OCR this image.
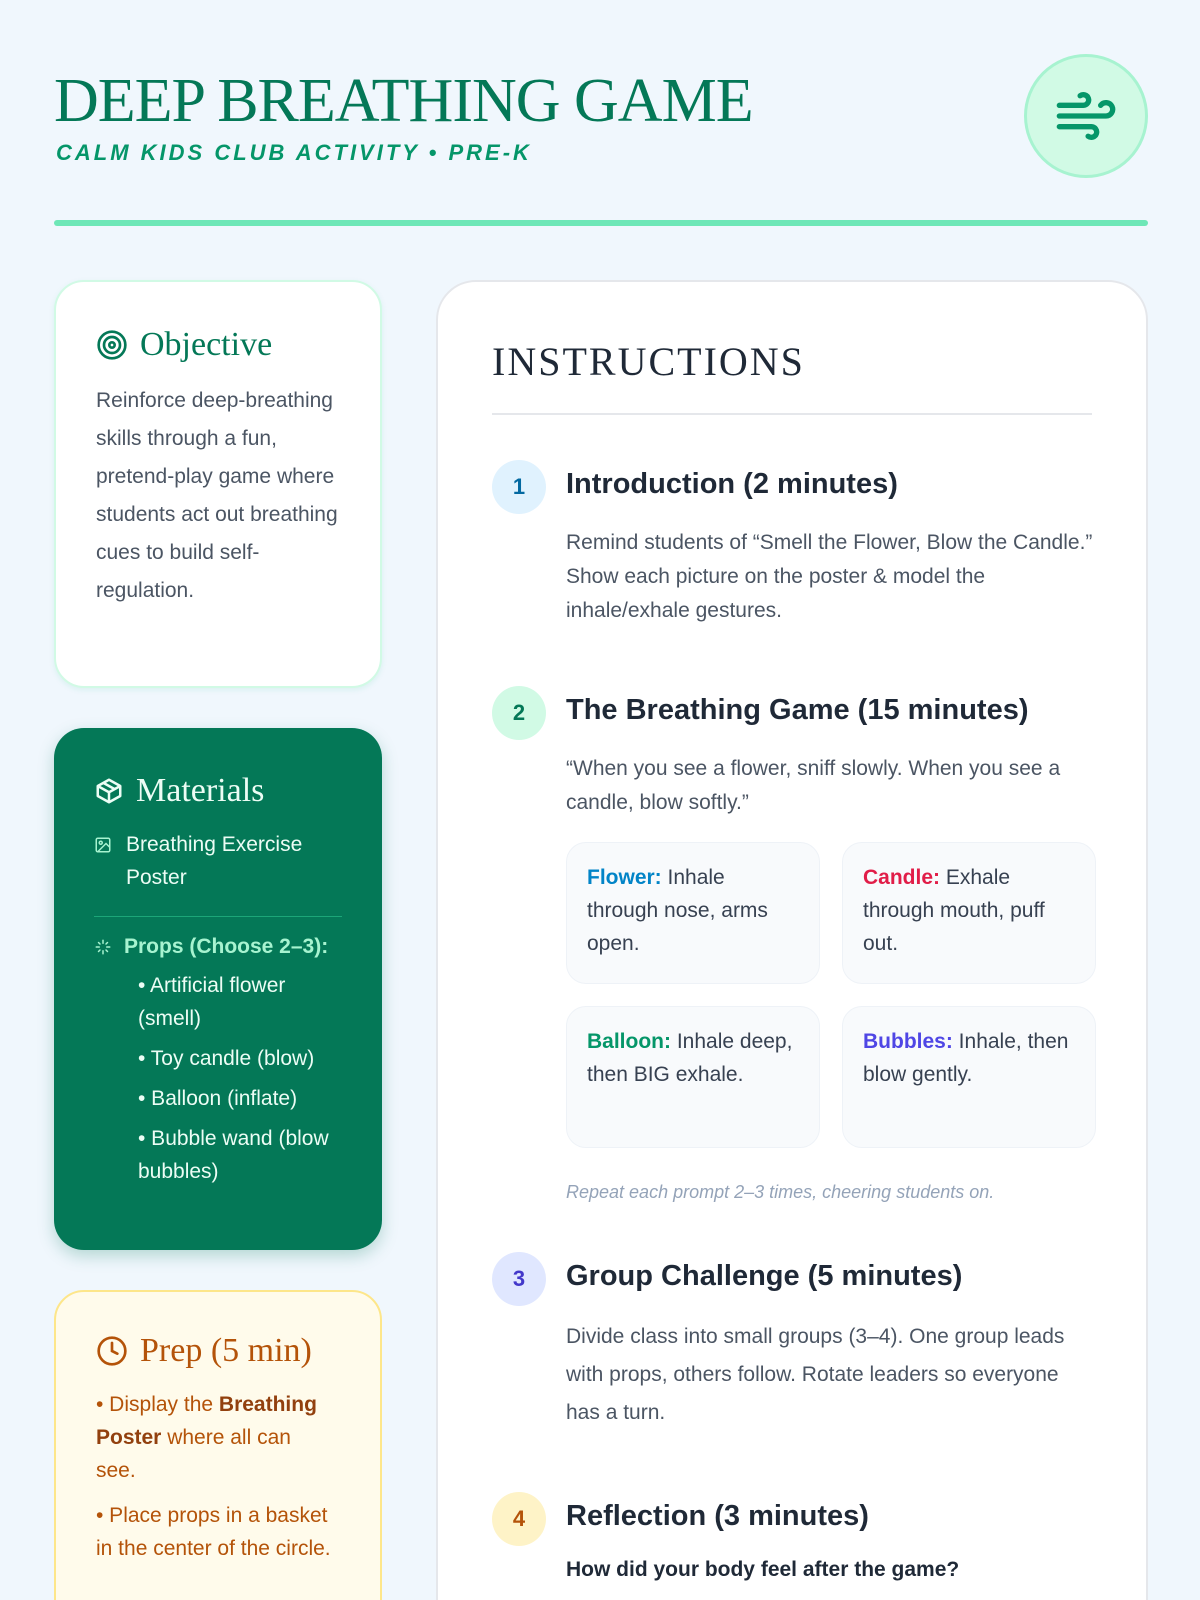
DEEP BREATHING GAME
CALM KIDS CLUB ACTIVITY • PRE-K
Objective

Reinforce deep-breathing skills through a fun, pretend-play game where students act out breathing cues to build self-regulation.

Materials
Breathing Exercise Poster
Props (Choose 2–3):
• Artificial flower (smell)
• Toy candle (blow)
• Balloon (inflate)
• Bubble wand (blow bubbles)
Prep (5 min)

• Display the Breathing Poster where all can see.

• Place props in a basket in the center of the circle.

INSTRUCTIONS
1	Introduction (2 minutes)
Remind students of “Smell the Flower, Blow the Candle.” Show each picture on the poster & model the inhale/exhale gestures.
2	The Breathing Game (15 minutes)
“When you see a flower, sniff slowly. When you see a candle, blow softly.”
Flower: Inhale through nose, arms open.
Candle: Exhale through mouth, puff out.
Balloon: Inhale deep, then BIG exhale.
Bubbles: Inhale, then blow gently.
Repeat each prompt 2–3 times, cheering students on.
3	Group Challenge (5 minutes)
Divide class into small groups (3–4). One group leads with props, others follow. Rotate leaders so everyone has a turn.
4	Reflection (3 minutes)
How did your body feel after the game?
